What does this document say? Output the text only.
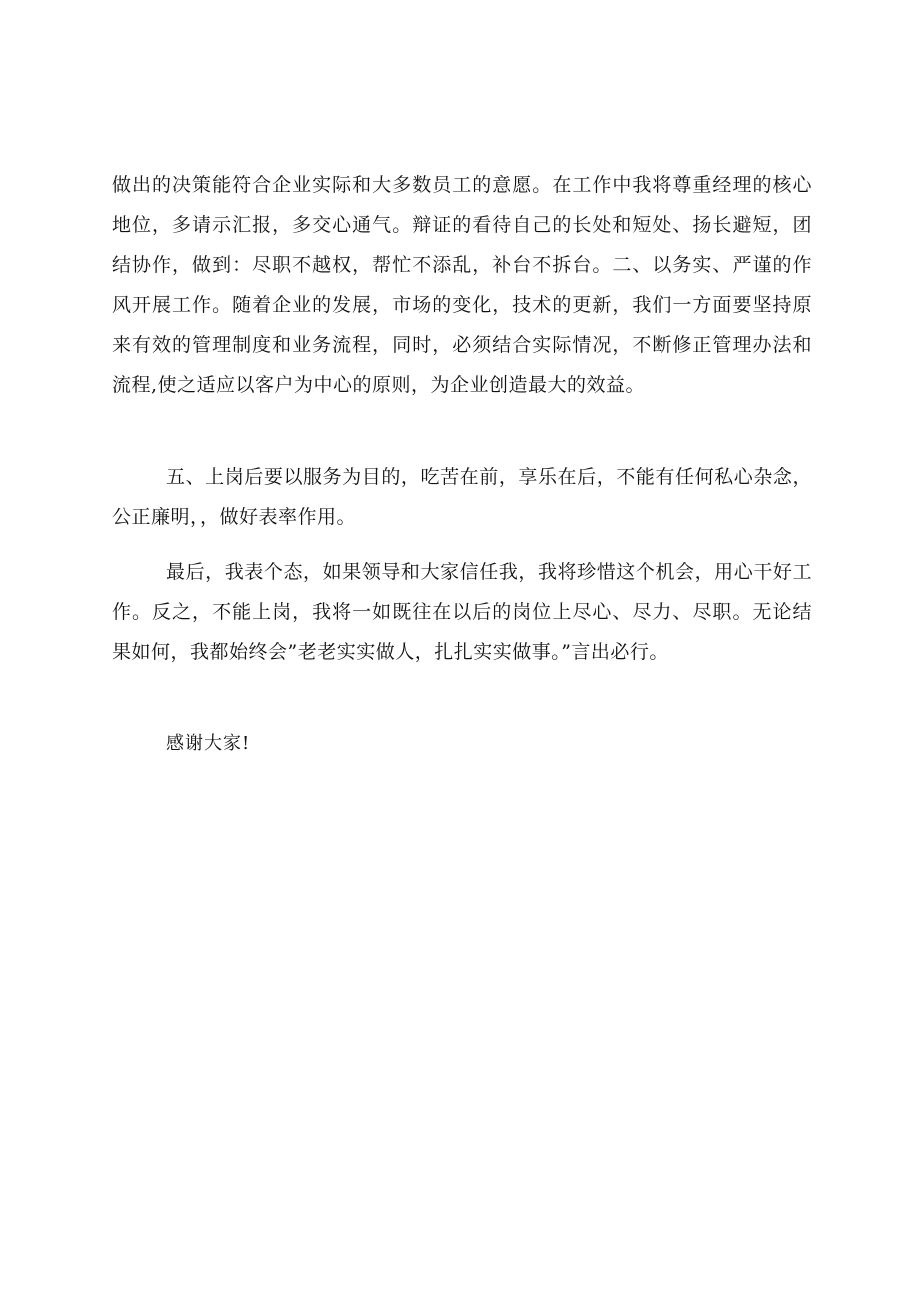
做出的决策能符合企业实际和大多数员工的意愿。在工作中我将尊重经理的核心地位，多请示汇报，多交心通气。辩证的看待自己的长处和短处、扬长避短，团结协作，做到：尽职不越权，帮忙不添乱，补台不拆台。二、以务实、严谨的作风开展工作。随着企业的发展，市场的变化，技术的更新，我们一方面要坚持原来有效的管理制度和业务流程，同时，必须结合实际情况，不断修正管理办法和流程,使之适应以客户为中心的原则，为企业创造最大的效益。

五、上岗后要以服务为目的，吃苦在前，享乐在后，不能有任何私心杂念，公正廉明，，做好表率作用。

最后，我表个态，如果领导和大家信任我，我将珍惜这个机会，用心干好工作。反之，不能上岗，我将一如既往在以后的岗位上尽心、尽力、尽职。无论结果如何，我都始终会”老老实实做人，扎扎实实做事。”言出必行。

感谢大家!
